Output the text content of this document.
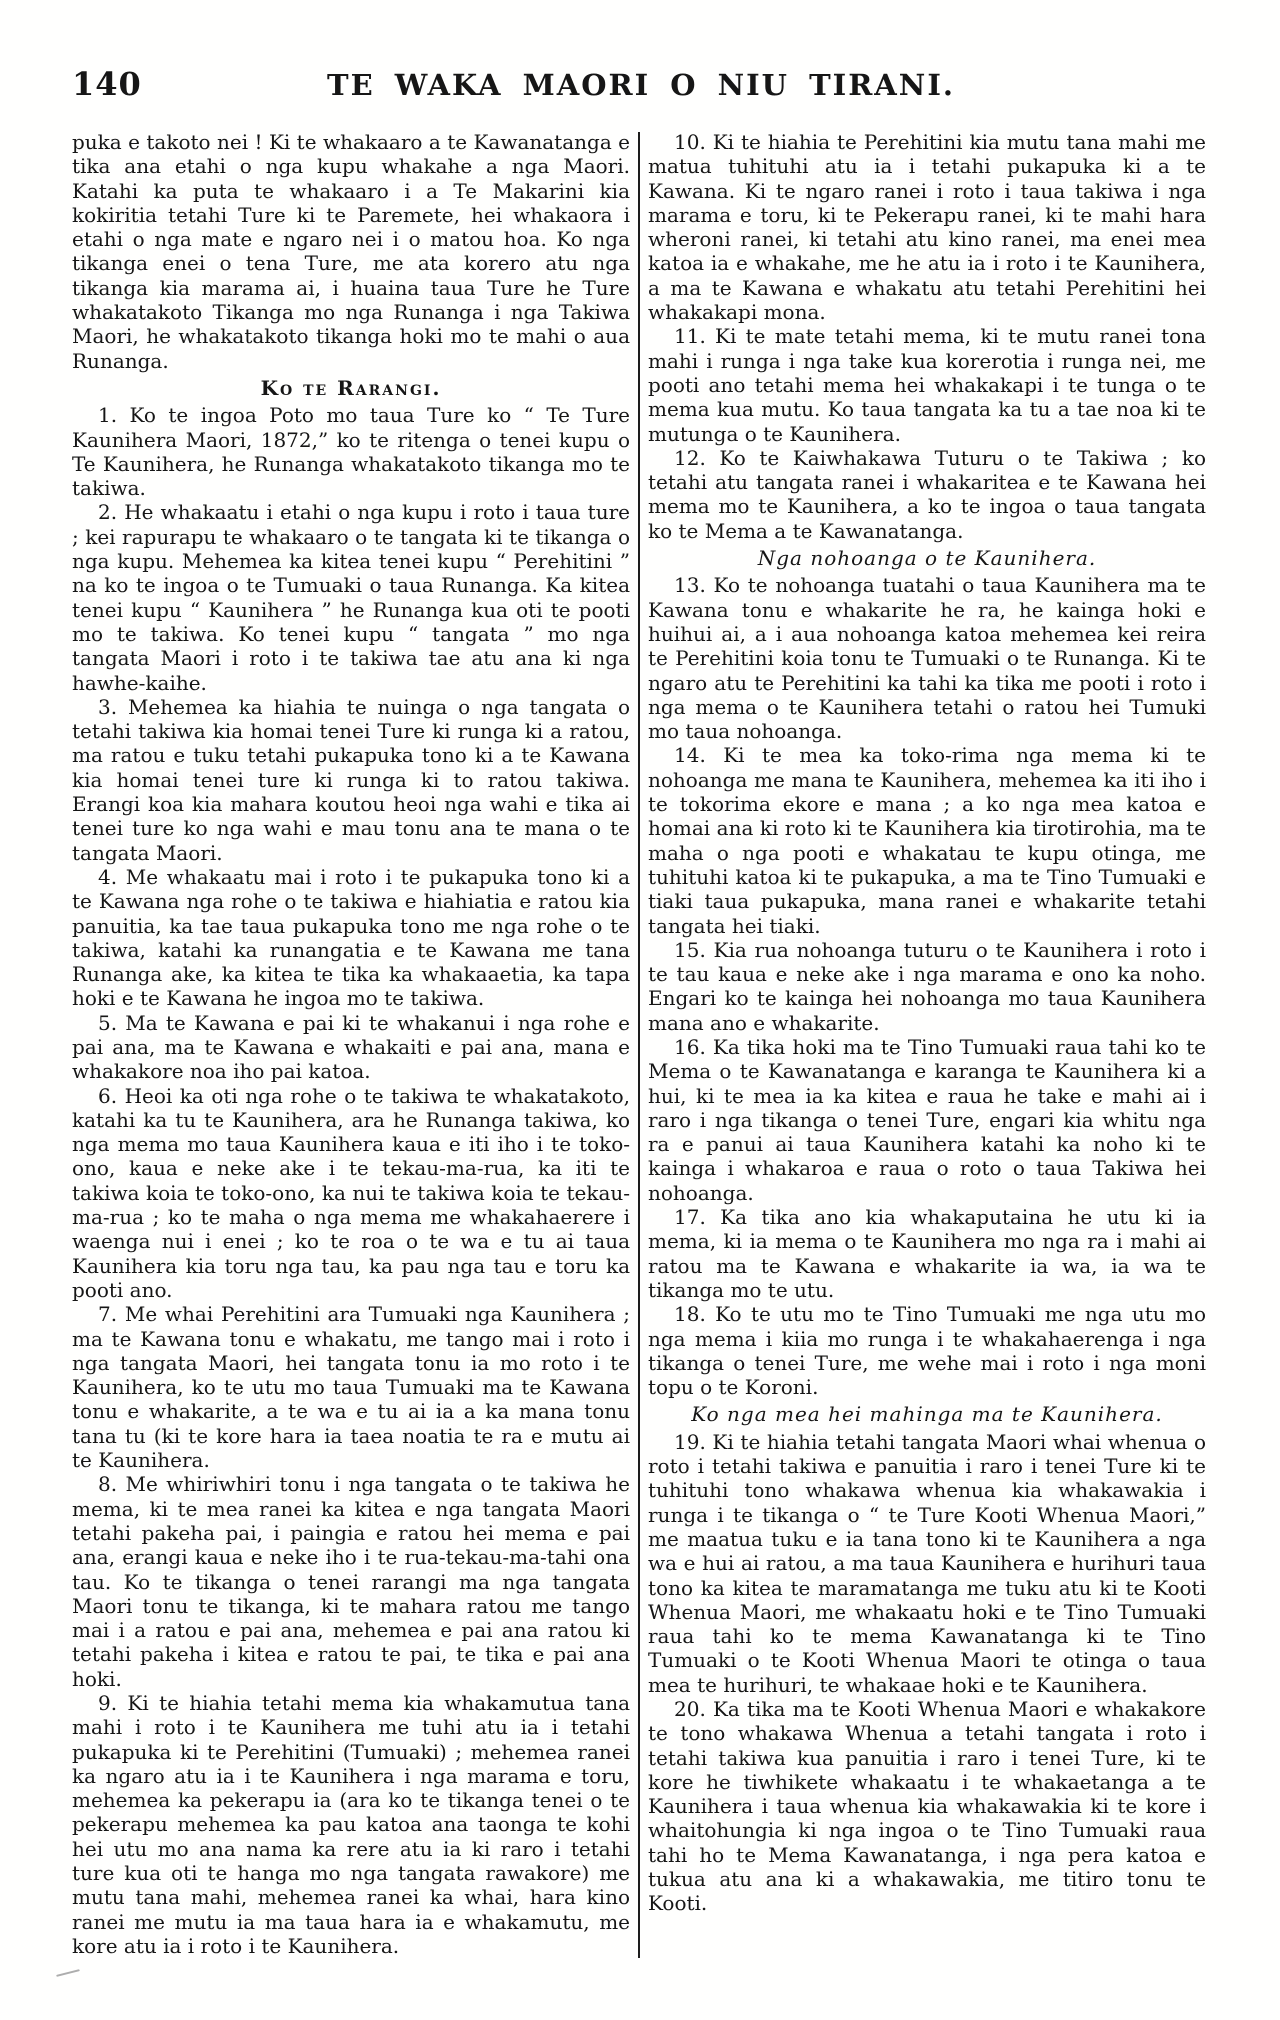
140	TE WAKA MAORI O NIU TIRANI.

puka e takoto nei ! Ki te whakaaro a te Kawanatanga e tika ana etahi o nga kupu whakahe a nga Maori. Katahi ka puta te whakaaro i a Te Makarini kia kokiritia tetahi Ture ki te Paremete, hei whakaora i etahi o nga mate e ngaro nei i o matou hoa. Ko nga tikanga enei o tena Ture, me ata korero atu nga tikanga kia marama ai, i huaina taua Ture he Ture whakatakoto Tikanga mo nga Runanga i nga Takiwa Maori, he whakatakoto tikanga hoki mo te mahi o aua Runanga.

Ko te Rarangi.

1. Ko te ingoa Poto mo taua Ture ko “ Te Ture Kaunihera Maori, 1872,” ko te ritenga o tenei kupu o Te Kaunihera, he Runanga whakatakoto tikanga mo te takiwa.

2. He whakaatu i etahi o nga kupu i roto i taua ture ; kei rapurapu te whakaaro o te tangata ki te tikanga o nga kupu. Mehemea ka kitea tenei kupu “ Perehitini ” na ko te ingoa o te Tumuaki o taua Runanga. Ka kitea tenei kupu “ Kaunihera ” he Runanga kua oti te pooti mo te takiwa. Ko tenei kupu “ tangata ” mo nga tangata Maori i roto i te takiwa tae atu ana ki nga hawhe-kaihe.

3. Mehemea ka hiahia te nuinga o nga tangata o tetahi takiwa kia homai tenei Ture ki runga ki a ratou, ma ratou e tuku tetahi pukapuka tono ki a te Kawana kia homai tenei ture ki runga ki to ratou takiwa. Erangi koa kia mahara koutou heoi nga wahi e tika ai tenei ture ko nga wahi e mau tonu ana te mana o te tangata Maori.

4. Me whakaatu mai i roto i te pukapuka tono ki a te Kawana nga rohe o te takiwa e hiahiatia e ratou kia panuitia, ka tae taua pukapuka tono me nga rohe o te takiwa, katahi ka runangatia e te Kawana me tana Runanga ake, ka kitea te tika ka whakaaetia, ka tapa hoki e te Kawana he ingoa mo te takiwa.

5. Ma te Kawana e pai ki te whakanui i nga rohe e pai ana, ma te Kawana e whakaiti e pai ana, mana e whakakore noa iho pai katoa.

6. Heoi ka oti nga rohe o te takiwa te whakatakoto, katahi ka tu te Kaunihera, ara he Runanga takiwa, ko nga mema mo taua Kaunihera kaua e iti iho i te toko-ono, kaua e neke ake i te tekau-ma-rua, ka iti te takiwa koia te toko-ono, ka nui te takiwa koia te tekau-ma-rua ; ko te maha o nga mema me whakahaerere i waenga nui i enei ; ko te roa o te wa e tu ai taua Kaunihera kia toru nga tau, ka pau nga tau e toru ka pooti ano.

7. Me whai Perehitini ara Tumuaki nga Kaunihera ; ma te Kawana tonu e whakatu, me tango mai i roto i nga tangata Maori, hei tangata tonu ia mo roto i te Kaunihera, ko te utu mo taua Tumuaki ma te Kawana tonu e whakarite, a te wa e tu ai ia a ka mana tonu tana tu (ki te kore hara ia taea noatia te ra e mutu ai te Kaunihera.

8. Me whiriwhiri tonu i nga tangata o te takiwa he mema, ki te mea ranei ka kitea e nga tangata Maori tetahi pakeha pai, i paingia e ratou hei mema e pai ana, erangi kaua e neke iho i te rua-tekau-ma-tahi ona tau. Ko te tikanga o tenei rarangi ma nga tangata Maori tonu te tikanga, ki te mahara ratou me tango mai i a ratou e pai ana, mehemea e pai ana ratou ki tetahi pakeha i kitea e ratou te pai, te tika e pai ana hoki.

9. Ki te hiahia tetahi mema kia whakamutua tana mahi i roto i te Kaunihera me tuhi atu ia i tetahi pukapuka ki te Perehitini (Tumuaki) ; mehemea ranei ka ngaro atu ia i te Kaunihera i nga marama e toru, mehemea ka pekerapu ia (ara ko te tikanga tenei o te pekerapu mehemea ka pau katoa ana taonga te kohi hei utu mo ana nama ka rere atu ia ki raro i tetahi ture kua oti te hanga mo nga tangata rawakore) me mutu tana mahi, mehemea ranei ka whai, hara kino ranei me mutu ia ma taua hara ia e whakamutu, me kore atu ia i roto i te Kaunihera.

10. Ki te hiahia te Perehitini kia mutu tana mahi me matua tuhituhi atu ia i tetahi pukapuka ki a te Kawana. Ki te ngaro ranei i roto i taua takiwa i nga marama e toru, ki te Pekerapu ranei, ki te mahi hara wheroni ranei, ki tetahi atu kino ranei, ma enei mea katoa ia e whakahe, me he atu ia i roto i te Kaunihera, a ma te Kawana e whakatu atu tetahi Perehitini hei whakakapi mona.

11. Ki te mate tetahi mema, ki te mutu ranei tona mahi i runga i nga take kua korerotia i runga nei, me pooti ano tetahi mema hei whakakapi i te tunga o te mema kua mutu. Ko taua tangata ka tu a tae noa ki te mutunga o te Kaunihera.

12. Ko te Kaiwhakawa Tuturu o te Takiwa ; ko tetahi atu tangata ranei i whakaritea e te Kawana hei mema mo te Kaunihera, a ko te ingoa o taua tangata ko te Mema a te Kawanatanga.

Nga nohoanga o te Kaunihera.

13. Ko te nohoanga tuatahi o taua Kaunihera ma te Kawana tonu e whakarite he ra, he kainga hoki e huihui ai, a i aua nohoanga katoa mehemea kei reira te Perehitini koia tonu te Tumuaki o te Runanga. Ki te ngaro atu te Perehitini ka tahi ka tika me pooti i roto i nga mema o te Kaunihera tetahi o ratou hei Tumuki mo taua nohoanga.

14. Ki te mea ka toko-rima nga mema ki te nohoanga me mana te Kaunihera, mehemea ka iti iho i te tokorima ekore e mana ; a ko nga mea katoa e homai ana ki roto ki te Kaunihera kia tirotirohia, ma te maha o nga pooti e whakatau te kupu otinga, me tuhituhi katoa ki te pukapuka, a ma te Tino Tumuaki e tiaki taua pukapuka, mana ranei e whakarite tetahi tangata hei tiaki.

15. Kia rua nohoanga tuturu o te Kaunihera i roto i te tau kaua e neke ake i nga marama e ono ka noho. Engari ko te kainga hei nohoanga mo taua Kaunihera mana ano e whakarite.

16. Ka tika hoki ma te Tino Tumuaki raua tahi ko te Mema o te Kawanatanga e karanga te Kaunihera ki a hui, ki te mea ia ka kitea e raua he take e mahi ai i raro i nga tikanga o tenei Ture, engari kia whitu nga ra e panui ai taua Kaunihera katahi ka noho ki te kainga i whakaroa e raua o roto o taua Takiwa hei nohoanga.

17. Ka tika ano kia whakaputaina he utu ki ia mema, ki ia mema o te Kaunihera mo nga ra i mahi ai ratou ma te Kawana e whakarite ia wa, ia wa te tikanga mo te utu.

18. Ko te utu mo te Tino Tumuaki me nga utu mo nga mema i kiia mo runga i te whakahaerenga i nga tikanga o tenei Ture, me wehe mai i roto i nga moni topu o te Koroni.

Ko nga mea hei mahinga ma te Kaunihera.

19. Ki te hiahia tetahi tangata Maori whai whenua o roto i tetahi takiwa e panuitia i raro i tenei Ture ki te tuhituhi tono whakawa whenua kia whakawakia i runga i te tikanga o “ te Ture Kooti Whenua Maori,” me maatua tuku e ia tana tono ki te Kaunihera a nga wa e hui ai ratou, a ma taua Kaunihera e hurihuri taua tono ka kitea te maramatanga me tuku atu ki te Kooti Whenua Maori, me whakaatu hoki e te Tino Tumuaki raua tahi ko te mema Kawanatanga ki te Tino Tumuaki o te Kooti Whenua Maori te otinga o taua mea te hurihuri, te whakaae hoki e te Kaunihera.

20. Ka tika ma te Kooti Whenua Maori e whakakore te tono whakawa Whenua a tetahi tangata i roto i tetahi takiwa kua panuitia i raro i tenei Ture, ki te kore he tiwhikete whakaatu i te whakaetanga a te Kaunihera i taua whenua kia whakawakia ki te kore i whaitohungia ki nga ingoa o te Tino Tumuaki raua tahi ho te Mema Kawanatanga, i nga pera katoa e tukua atu ana ki a whakawakia, me titiro tonu te Kooti.
